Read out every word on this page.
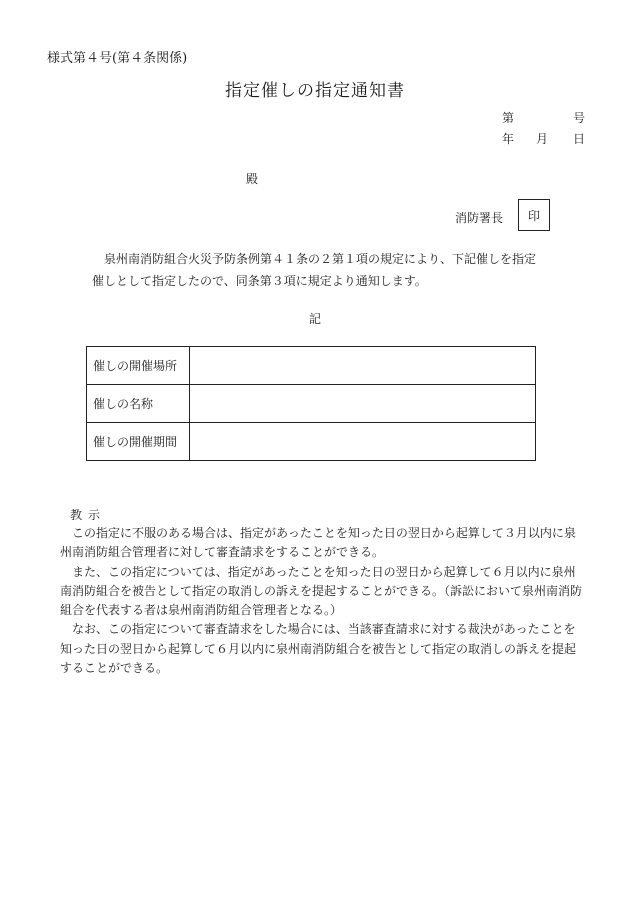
様式第４号(第４条関係)
指定催しの指定通知書
第	号
年 月 日
殿
消防署長 印

泉州南消防組合火災予防条例第４１条の２第１項の規定により、下記催しを指定

催しとして指定したので、同条第３項に規定より通知します。

記
催しの開催場所	
催しの名称	
催しの開催期間	
教示

この指定に不服のある場合は、指定があったことを知った日の翌日から起算して３月以内に泉州南消防組合管理者に対して審査請求をすることができる。

また、この指定については、指定があったことを知った日の翌日から起算して６月以内に泉州南消防組合を被告として指定の取消しの訴えを提起することができる。（訴訟において泉州南消防組合を代表する者は泉州南消防組合管理者となる。）

なお、この指定について審査請求をした場合には、当該審査請求に対する裁決があったことを知った日の翌日から起算して６月以内に泉州南消防組合を被告として指定の取消しの訴えを提起することができる。
